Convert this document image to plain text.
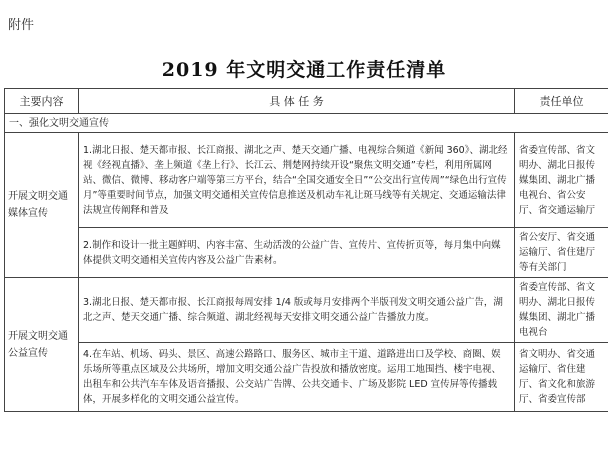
附件
2019 年文明交通工作责任清单
主要内容	具 体 任 务	责任单位
一、强化文明交通宣传		
开展文明交通媒体宣传	1.湖北日报、楚天都市报、长江商报、湖北之声、楚天交通广播、电视综合频道《新闻 360》、湖北经视《经视直播》、垄上频道《垄上行》、长江云、荆楚网持续开设“聚焦文明交通”专栏，利用所属网站、微信、微博、移动客户端等第三方平台，结合“全国交通安全日”“公交出行宣传周”“绿色出行宣传月”等重要时间节点，加强文明交通相关宣传信息推送及机动车礼让斑马线等有关规定、交通运输法律法规宣传阐释和普及	省委宣传部、省文明办、湖北日报传媒集团、湖北广播电视台、省公安厅、省交通运输厅
	2.制作和设计一批主题鲜明、内容丰富、生动活泼的公益广告、宣传片、宣传折页等，每月集中向媒体提供文明交通相关宣传内容及公益广告素材。	省公安厅、省交通运输厅、省住建厅等有关部门
开展文明交通公益宣传	3.湖北日报、楚天都市报、长江商报每周安排 1/4 版或每月安排两个半版刊发文明交通公益广告，湖北之声、楚天交通广播、综合频道、湖北经视每天安排文明交通公益广告播放力度。	省委宣传部、省文明办、湖北日报传媒集团、湖北广播电视台
	4.在车站、机场、码头、景区、高速公路路口、服务区、城市主干道、道路进出口及学校、商圈、娱乐场所等重点区域及公共场所，增加文明交通公益广告投放和播放密度。运用工地围挡、楼宇电视、出租车和公共汽车车体及语音播报、公交站广告牌、公共交通卡、广场及影院 LED 宣传屏等传播载体，开展多样化的文明交通公益宣传。	省文明办、省交通运输厅、省住建厅、省文化和旅游厅、省委宣传部
